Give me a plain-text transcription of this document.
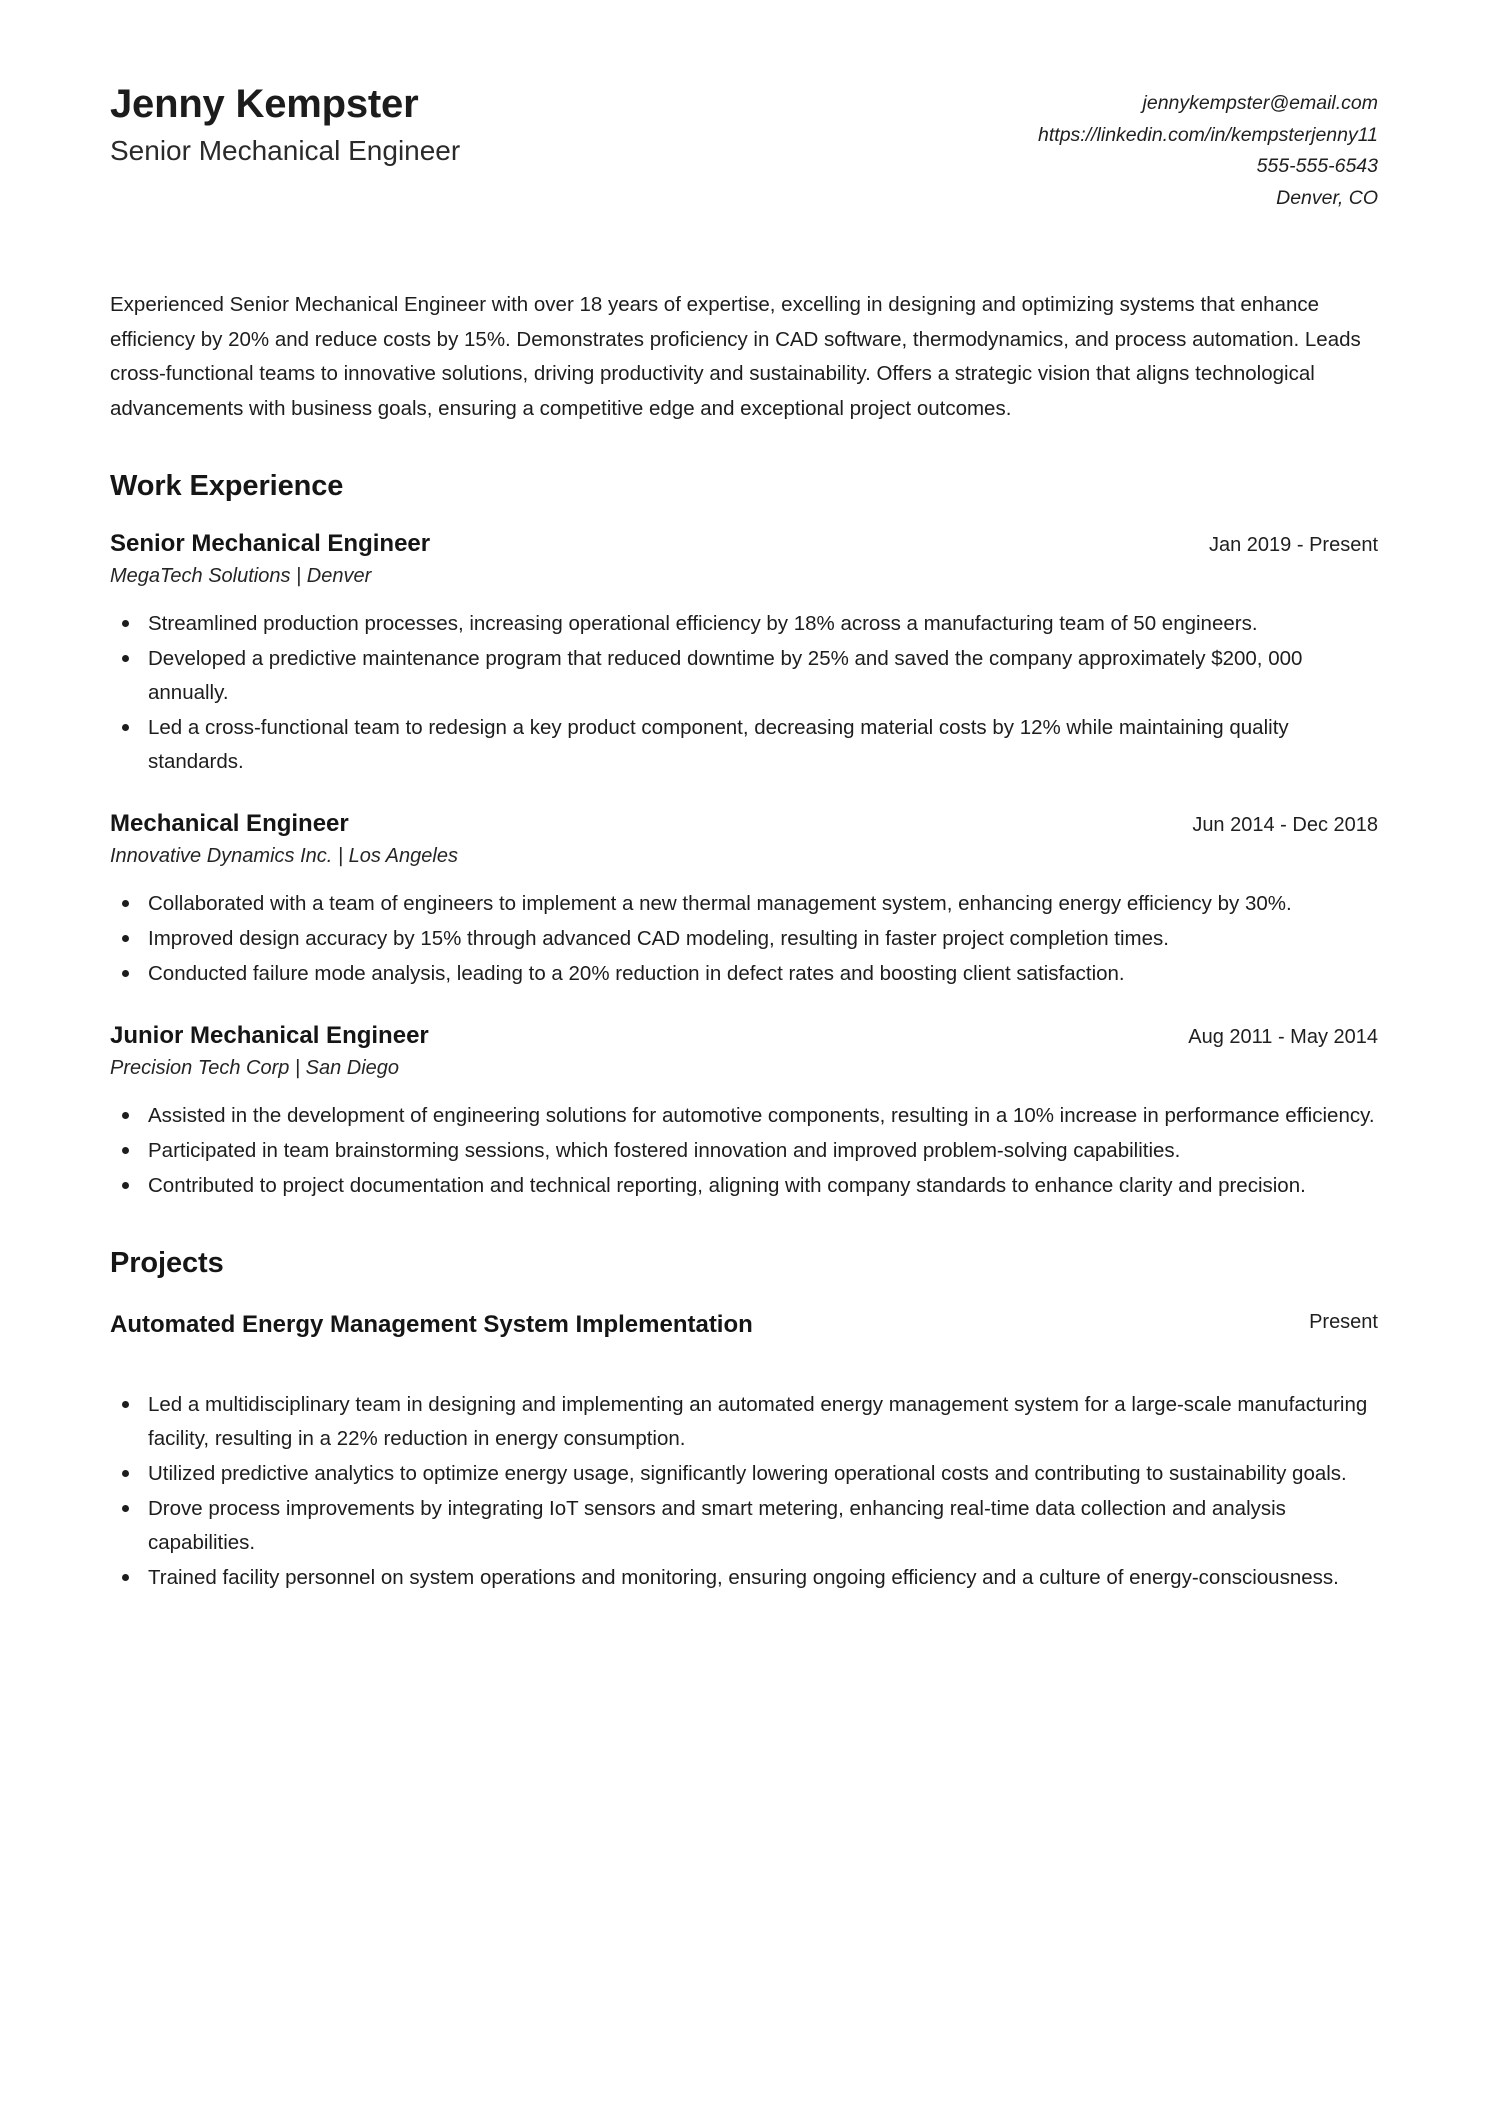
Jenny Kempster
Senior Mechanical Engineer
jennykempster@email.com
https://linkedin.com/in/kempsterjenny11
555-555-6543
Denver, CO
Experienced Senior Mechanical Engineer with over 18 years of expertise, excelling in designing and optimizing systems that enhance efficiency by 20% and reduce costs by 15%. Demonstrates proficiency in CAD software, thermodynamics, and process automation. Leads cross-functional teams to innovative solutions, driving productivity and sustainability. Offers a strategic vision that aligns technological advancements with business goals, ensuring a competitive edge and exceptional project outcomes.
Work Experience
Senior Mechanical Engineer	Jan 2019 - Present
MegaTech Solutions | Denver
Streamlined production processes, increasing operational efficiency by 18% across a manufacturing team of 50 engineers.
Developed a predictive maintenance program that reduced downtime by 25% and saved the company approximately $200, 000 annually.
Led a cross-functional team to redesign a key product component, decreasing material costs by 12% while maintaining quality standards.
Mechanical Engineer	Jun 2014 - Dec 2018
Innovative Dynamics Inc. | Los Angeles
Collaborated with a team of engineers to implement a new thermal management system, enhancing energy efficiency by 30%.
Improved design accuracy by 15% through advanced CAD modeling, resulting in faster project completion times.
Conducted failure mode analysis, leading to a 20% reduction in defect rates and boosting client satisfaction.
Junior Mechanical Engineer	Aug 2011 - May 2014
Precision Tech Corp | San Diego
Assisted in the development of engineering solutions for automotive components, resulting in a 10% increase in performance efficiency.
Participated in team brainstorming sessions, which fostered innovation and improved problem-solving capabilities.
Contributed to project documentation and technical reporting, aligning with company standards to enhance clarity and precision.
Projects
Automated Energy Management System Implementation	Present
Led a multidisciplinary team in designing and implementing an automated energy management system for a large-scale manufacturing facility, resulting in a 22% reduction in energy consumption.
Utilized predictive analytics to optimize energy usage, significantly lowering operational costs and contributing to sustainability goals.
Drove process improvements by integrating IoT sensors and smart metering, enhancing real-time data collection and analysis capabilities.
Trained facility personnel on system operations and monitoring, ensuring ongoing efficiency and a culture of energy-consciousness.
